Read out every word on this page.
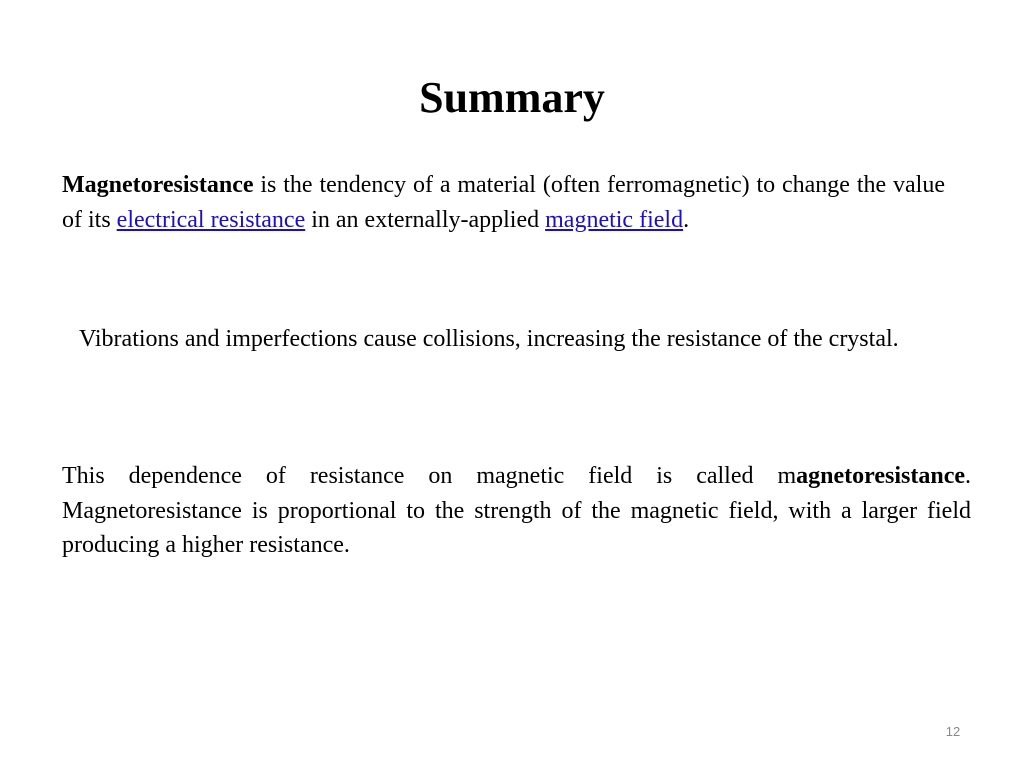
Summary

Magnetoresistance is the tendency of a material (often ferromagnetic) to change the value of its electrical resistance in an externally-applied magnetic field.

Vibrations and imperfections cause collisions, increasing the resistance of the crystal.

This dependence of resistance on magnetic field is called magnetoresistance. Magnetoresistance is proportional to the strength of the magnetic field, with a larger field producing a higher resistance.

12
